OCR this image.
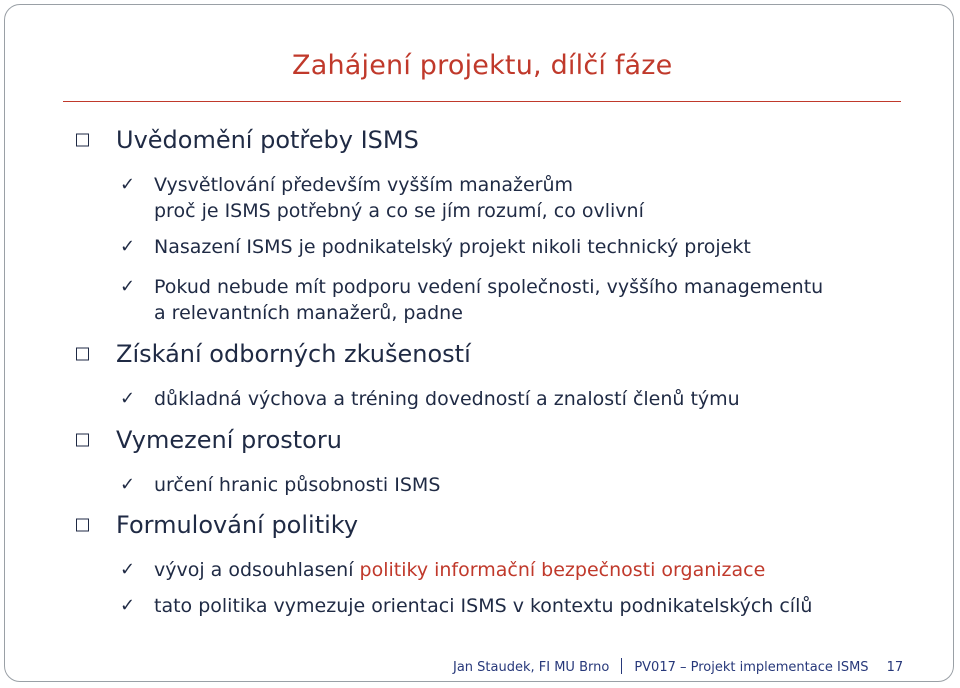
Zahájení projektu, dílčí fáze
Uvědomění potřeby ISMS
✓ Vysvětlování především vyšším manažerům
proč je ISMS potřebný a co se jím rozumí, co ovlivní
✓ Nasazení ISMS je podnikatelský projekt nikoli technický projekt
✓ Pokud nebude mít podporu vedení společnosti, vyššího managementu
a relevantních manažerů, padne
Získání odborných zkušeností
✓ důkladná výchova a tréning dovedností a znalostí členů týmu
Vymezení prostoru
✓ určení hranic působnosti ISMS
Formulování politiky
✓ vývoj a odsouhlasení politiky informační bezpečnosti organizace
✓ tato politika vymezuje orientaci ISMS v kontextu podnikatelských cílů
Jan Staudek, FI MU Brno PV017 – Projekt implementace ISMS 17
